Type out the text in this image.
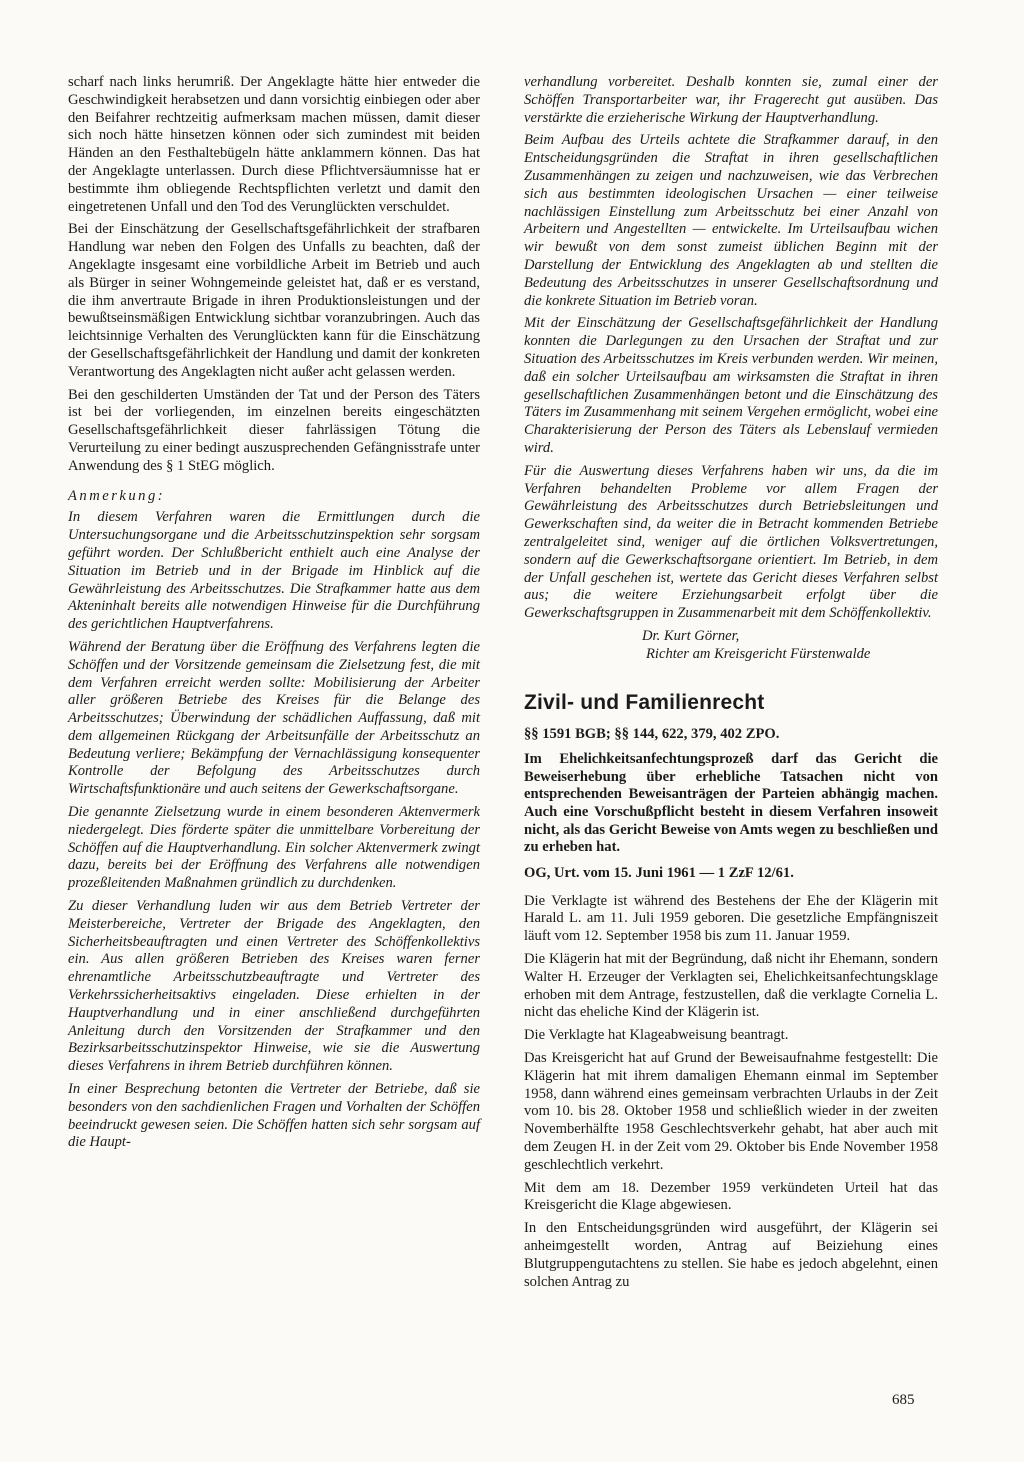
scharf nach links herumriß. Der Angeklagte hätte hier entweder die Geschwindigkeit herabsetzen und dann vorsichtig einbiegen oder aber den Beifahrer rechtzeitig aufmerksam machen müssen, damit dieser sich noch hätte hinsetzen können oder sich zumindest mit beiden Händen an den Festhaltebügeln hätte anklammern können. Das hat der Angeklagte unterlassen. Durch diese Pflichtversäumnisse hat er bestimmte ihm obliegende Rechtspflichten verletzt und damit den eingetretenen Unfall und den Tod des Verunglückten verschuldet.

Bei der Einschätzung der Gesellschaftsgefährlichkeit der strafbaren Handlung war neben den Folgen des Unfalls zu beachten, daß der Angeklagte insgesamt eine vorbildliche Arbeit im Betrieb und auch als Bürger in seiner Wohngemeinde geleistet hat, daß er es verstand, die ihm anvertraute Brigade in ihren Produktionsleistungen und der bewußtseinsmäßigen Entwicklung sichtbar voranzubringen. Auch das leichtsinnige Verhalten des Verunglückten kann für die Einschätzung der Gesellschaftsgefährlichkeit der Handlung und damit der konkreten Verantwortung des Angeklagten nicht außer acht gelassen werden.

Bei den geschilderten Umständen der Tat und der Person des Täters ist bei der vorliegenden, im einzelnen bereits eingeschätzten Gesellschaftsgefährlichkeit dieser fahrlässigen Tötung die Verurteilung zu einer bedingt auszusprechenden Gefängnisstrafe unter Anwendung des § 1 StEG möglich.

Anmerkung:

In diesem Verfahren waren die Ermittlungen durch die Untersuchungsorgane und die Arbeitsschutzinspektion sehr sorgsam geführt worden. Der Schlußbericht enthielt auch eine Analyse der Situation im Betrieb und in der Brigade im Hinblick auf die Gewährleistung des Arbeitsschutzes. Die Strafkammer hatte aus dem Akteninhalt bereits alle notwendigen Hinweise für die Durchführung des gerichtlichen Hauptverfahrens.

Während der Beratung über die Eröffnung des Verfahrens legten die Schöffen und der Vorsitzende gemeinsam die Zielsetzung fest, die mit dem Verfahren erreicht werden sollte: Mobilisierung der Arbeiter aller größeren Betriebe des Kreises für die Belange des Arbeitsschutzes; Überwindung der schädlichen Auffassung, daß mit dem allgemeinen Rückgang der Arbeitsunfälle der Arbeitsschutz an Bedeutung verliere; Bekämpfung der Vernachlässigung konsequenter Kontrolle der Befolgung des Arbeitsschutzes durch Wirtschaftsfunktionäre und auch seitens der Gewerkschaftsorgane.

Die genannte Zielsetzung wurde in einem besonderen Aktenvermerk niedergelegt. Dies förderte später die unmittelbare Vorbereitung der Schöffen auf die Hauptverhandlung. Ein solcher Aktenvermerk zwingt dazu, bereits bei der Eröffnung des Verfahrens alle notwendigen prozeßleitenden Maßnahmen gründlich zu durchdenken.

Zu dieser Verhandlung luden wir aus dem Betrieb Vertreter der Meisterbereiche, Vertreter der Brigade des Angeklagten, den Sicherheitsbeauftragten und einen Vertreter des Schöffenkollektivs ein. Aus allen größeren Betrieben des Kreises waren ferner ehrenamtliche Arbeitsschutzbeauftragte und Vertreter des Verkehrssicherheitsaktivs eingeladen. Diese erhielten in der Hauptverhandlung und in einer anschließend durchgeführten Anleitung durch den Vorsitzenden der Strafkammer und den Bezirksarbeitsschutzinspektor Hinweise, wie sie die Auswertung dieses Verfahrens in ihrem Betrieb durchführen können.

In einer Besprechung betonten die Vertreter der Betriebe, daß sie besonders von den sachdienlichen Fragen und Vorhalten der Schöffen beeindruckt gewesen seien. Die Schöffen hatten sich sehr sorgsam auf die Haupt-

verhandlung vorbereitet. Deshalb konnten sie, zumal einer der Schöffen Transportarbeiter war, ihr Fragerecht gut ausüben. Das verstärkte die erzieherische Wirkung der Hauptverhandlung.

Beim Aufbau des Urteils achtete die Strafkammer darauf, in den Entscheidungsgründen die Straftat in ihren gesellschaftlichen Zusammenhängen zu zeigen und nachzuweisen, wie das Verbrechen sich aus bestimmten ideologischen Ursachen — einer teilweise nachlässigen Einstellung zum Arbeitsschutz bei einer Anzahl von Arbeitern und Angestellten — entwickelte. Im Urteilsaufbau wichen wir bewußt von dem sonst zumeist üblichen Beginn mit der Darstellung der Entwicklung des Angeklagten ab und stellten die Bedeutung des Arbeitsschutzes in unserer Gesellschaftsordnung und die konkrete Situation im Betrieb voran.

Mit der Einschätzung der Gesellschaftsgefährlichkeit der Handlung konnten die Darlegungen zu den Ursachen der Straftat und zur Situation des Arbeitsschutzes im Kreis verbunden werden. Wir meinen, daß ein solcher Urteilsaufbau am wirksamsten die Straftat in ihren gesellschaftlichen Zusammenhängen betont und die Einschätzung des Täters im Zusammenhang mit seinem Vergehen ermöglicht, wobei eine Charakterisierung der Person des Täters als Lebenslauf vermieden wird.

Für die Auswertung dieses Verfahrens haben wir uns, da die im Verfahren behandelten Probleme vor allem Fragen der Gewährleistung des Arbeitsschutzes durch Betriebsleitungen und Gewerkschaften sind, da weiter die in Betracht kommenden Betriebe zentralgeleitet sind, weniger auf die örtlichen Volksvertretungen, sondern auf die Gewerkschaftsorgane orientiert. Im Betrieb, in dem der Unfall geschehen ist, wertete das Gericht dieses Verfahren selbst aus; die weitere Erziehungsarbeit erfolgt über die Gewerkschaftsgruppen in Zusammenarbeit mit dem Schöffenkollektiv.

Dr. Kurt Görner,

Richter am Kreisgericht Fürstenwalde

Zivil- und Familienrecht

§§ 1591 BGB; §§ 144, 622, 379, 402 ZPO.

Im Ehelichkeitsanfechtungsprozeß darf das Gericht die Beweiserhebung über erhebliche Tatsachen nicht von entsprechenden Beweisanträgen der Parteien abhängig machen. Auch eine Vorschußpflicht besteht in diesem Verfahren insoweit nicht, als das Gericht Beweise von Amts wegen zu beschließen und zu erheben hat.

OG, Urt. vom 15. Juni 1961 — 1 ZzF 12/61.

Die Verklagte ist während des Bestehens der Ehe der Klägerin mit Harald L. am 11. Juli 1959 geboren. Die gesetzliche Empfängniszeit läuft vom 12. September 1958 bis zum 11. Januar 1959.

Die Klägerin hat mit der Begründung, daß nicht ihr Ehemann, sondern Walter H. Erzeuger der Verklagten sei, Ehelichkeitsanfechtungsklage erhoben mit dem Antrage, festzustellen, daß die verklagte Cornelia L. nicht das eheliche Kind der Klägerin ist.

Die Verklagte hat Klageabweisung beantragt.

Das Kreisgericht hat auf Grund der Beweisaufnahme festgestellt: Die Klägerin hat mit ihrem damaligen Ehemann einmal im September 1958, dann während eines gemeinsam verbrachten Urlaubs in der Zeit vom 10. bis 28. Oktober 1958 und schließlich wieder in der zweiten Novemberhälfte 1958 Geschlechtsverkehr gehabt, hat aber auch mit dem Zeugen H. in der Zeit vom 29. Oktober bis Ende November 1958 geschlechtlich verkehrt.

Mit dem am 18. Dezember 1959 verkündeten Urteil hat das Kreisgericht die Klage abgewiesen.

In den Entscheidungsgründen wird ausgeführt, der Klägerin sei anheimgestellt worden, Antrag auf Beiziehung eines Blutgruppengutachtens zu stellen. Sie habe es jedoch abgelehnt, einen solchen Antrag zu

685
